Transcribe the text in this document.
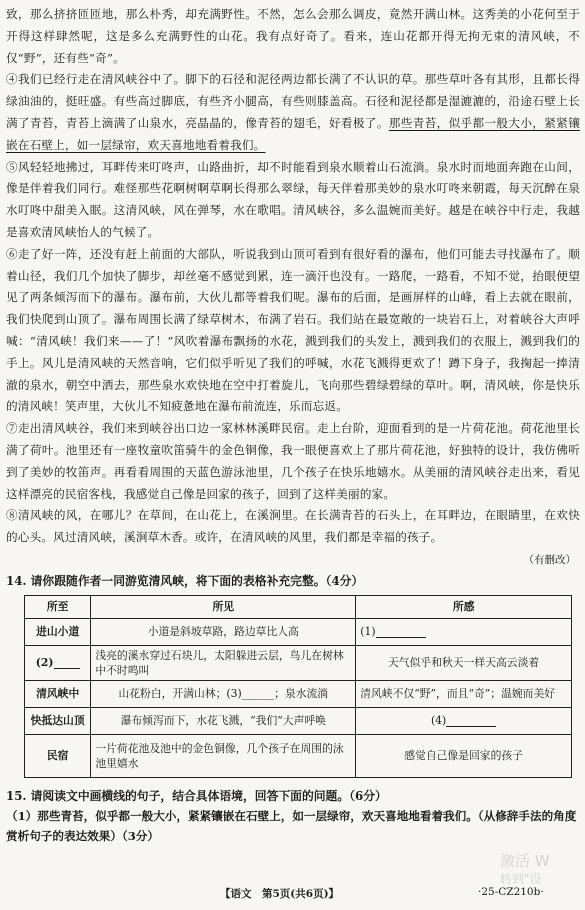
致，那么挤挤匝匝地，那么朴秀，却充满野性。不然，怎么会那么调皮，竟然开满山林。这秀美的小花何至于开得这样肆然呢，这是多么充满野性的山花。我有点好奇了。看来，连山花都开得无拘无束的清风峡，不仅“野”，还有些“奇”。

④我们已经行走在清风峡谷中了。脚下的石径和泥径两边都长满了不认识的草。那些草叶各有其形，且都长得绿油油的，挺旺盛。有些高过脚底，有些齐小腿高，有些则膝盖高。石径和泥径都是湿漉漉的，沿途石壁上长满了青苔，青苔上滴满了山泉水，亮晶晶的，像青苔的翅毛，好看极了。那些青苔，似乎都一般大小，紧紧镶嵌在石壁上，如一层绿帘，欢天喜地地看着我们。

⑤风轻轻地拂过，耳畔传来叮咚声，山路曲折，却不时能看到泉水顺着山石流淌。泉水时而地面奔跑在山间，像是伴着我们同行。难怪那些花啊树啊草啊长得那么翠绿，每天伴着那美妙的泉水叮咚来朝霞，每天沉醉在泉水叮咚中甜美入眠。这清风峡，风在弹琴，水在歌唱。清风峡谷，多么温婉而美好。越是在峡谷中行走，我越是喜欢清风峡怡人的气候了。

⑥走了好一阵，还没有赶上前面的大部队，听说我到山顶可看到有很好看的瀑布，他们可能去寻找瀑布了。顺着山径，我们几个加快了脚步，却丝毫不感觉到累，连一滴汗也没有。一路爬，一路看，不知不觉，抬眼便望见了两条倾泻而下的瀑布。瀑布前，大伙儿都等着我们呢。瀑布的后面，是画屏样的山峰，看上去就在眼前，我们快爬到山顶了。瀑布周围长满了绿草树木，布满了岩石。我们站在最宽敞的一块岩石上，对着峡谷大声呼喊：“清风峡！我们来——了！”风吹着瀑布飘扬的水花，溅到我们的头发上，溅到我们的衣服上，溅到我们的手上。风儿是清风峡的天然音响，它们似乎听见了我们的呼喊，水花飞溅得更欢了！蹲下身子，我掬起一捧清澈的泉水，朝空中洒去，那些泉水欢快地在空中打着旋儿，飞向那些碧绿碧绿的草叶。啊，清风峡，你是快乐的清风峡！笑声里，大伙儿不知疲惫地在瀑布前流连，乐而忘返。

⑦走出清风峡谷，我们来到峡谷出口边一家林林溪畔民宿。走上台阶，迎面看到的是一片荷花池。荷花池里长满了荷叶。池里还有一座牧童吹笛骑牛的金色铜像，我一眼便喜欢上了那片荷花池，好独特的设计，我仿佛听到了美妙的牧笛声。再看看周围的天蓝色游泳池里，几个孩子在快乐地嬉水。从美丽的清风峡谷走出来，看见这样漂亮的民宿客栈，我感觉自己像是回家的孩子，回到了这样美丽的家。

⑧清风峡的风，在哪儿？在草间，在山花上，在溪涧里。在长满青苔的石头上，在耳畔边，在眼睛里，在欢快的心头。风过清风峡，溪涧草木香。或许，在清风峡的风里，我们都是幸福的孩子。

（有删改）

14. 请你跟随作者一同游览清风峡，将下面的表格补充完整。（4分）

所至	所见	所感
进山小道	小道是斜坡草路，路边草比人高	(1)
(2)	浅亮的溪水穿过石块儿，太阳躲进云层，鸟儿在树林中不时鸣叫	天气似乎和秋天一样天高云淡着
清风峡中	山花粉白，开满山林；(3)______；泉水流淌	清风峡不仅“野”，而且“奇”；温婉而美好
快抵达山顶	瀑布倾泻而下，水花飞溅，“我们”大声呼唤	(4)
民宿	一片荷花池及池中的金色铜像，几个孩子在周围的泳池里嬉水	感觉自己像是回家的孩子

15. 请阅读文中画横线的句子，结合具体语境，回答下面的问题。（6分）

（1）那些青苔，似乎都一般大小，紧紧镶嵌在石壁上，如一层绿帘，欢天喜地地看着我们。（从修辞手法的角度赏析句子的表达效果）（3分）

激活 W
转到"设
【语文　第5页(共6页)】	·25-CZ210b·
